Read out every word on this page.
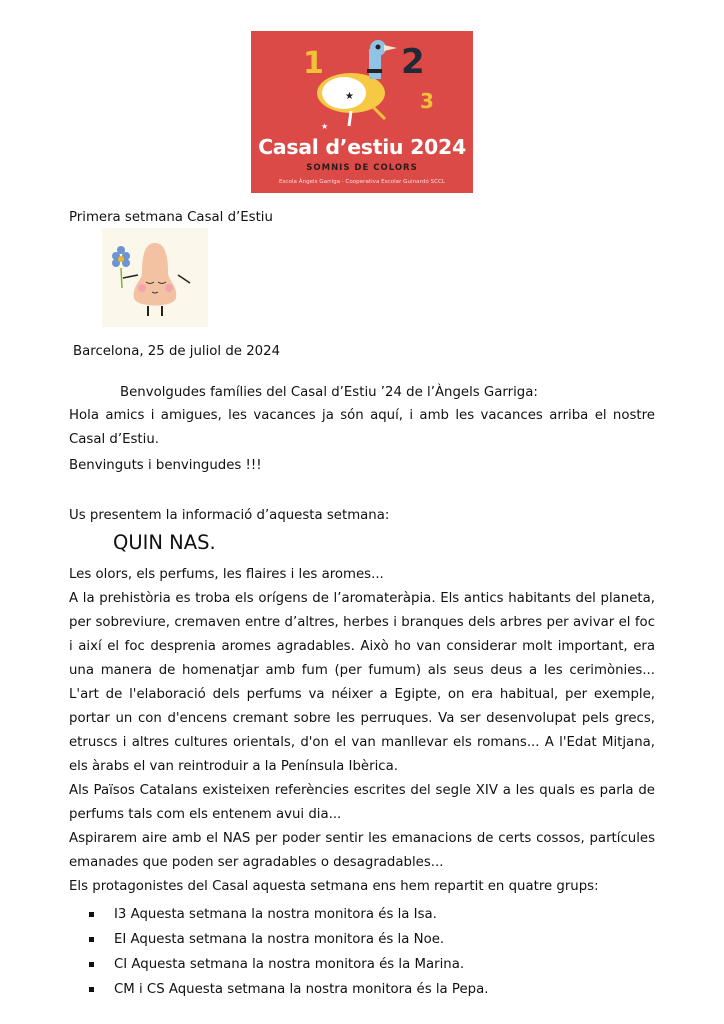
1 2
3
★
★
Casal d’estiu 2024
SOMNIS DE COLORS
Escola Àngels Garriga · Cooperativa Escolar Guinardó SCCL
Primera setmana Casal d’Estiu
Barcelona, 25 de juliol de 2024
Benvolgudes famílies del Casal d’Estiu ’24 de l’Àngels Garriga:
Hola amics i amigues, les vacances ja són aquí, i amb les vacances arriba el nostre Casal d’Estiu.
Benvinguts i benvingudes !!!
Us presentem la informació d’aquesta setmana:
QUIN NAS.
Les olors, els perfums, les flaires i les aromes...
A la prehistòria es troba els orígens de l’aromateràpia. Els antics habitants del planeta, per sobreviure, cremaven entre d’altres, herbes i branques dels arbres per avivar el foc i així el foc desprenia aromes agradables. Això ho van considerar molt important, era una manera de homenatjar amb fum (per fumum) als seus deus a les cerimònies... L'art de l'elaboració dels perfums va néixer a Egipte, on era habitual, per exemple, portar un con d'encens cremant sobre les perruques. Va ser desenvolupat pels grecs, etruscs i altres cultures orientals, d'on el van manllevar els romans... A l'Edat Mitjana, els àrabs el van reintroduir a la Península Ibèrica.
Als Països Catalans existeixen referències escrites del segle XIV a les quals es parla de perfums tals com els entenem avui dia...
Aspirarem aire amb el NAS per poder sentir les emanacions de certs cossos, partícules emanades que poden ser agradables o desagradables...
Els protagonistes del Casal aquesta setmana ens hem repartit en quatre grups:
I3 Aquesta setmana la nostra monitora és la Isa.
EI Aquesta setmana la nostra monitora és la Noe.
CI Aquesta setmana la nostra monitora és la Marina.
CM i CS Aquesta setmana la nostra monitora és la Pepa.
